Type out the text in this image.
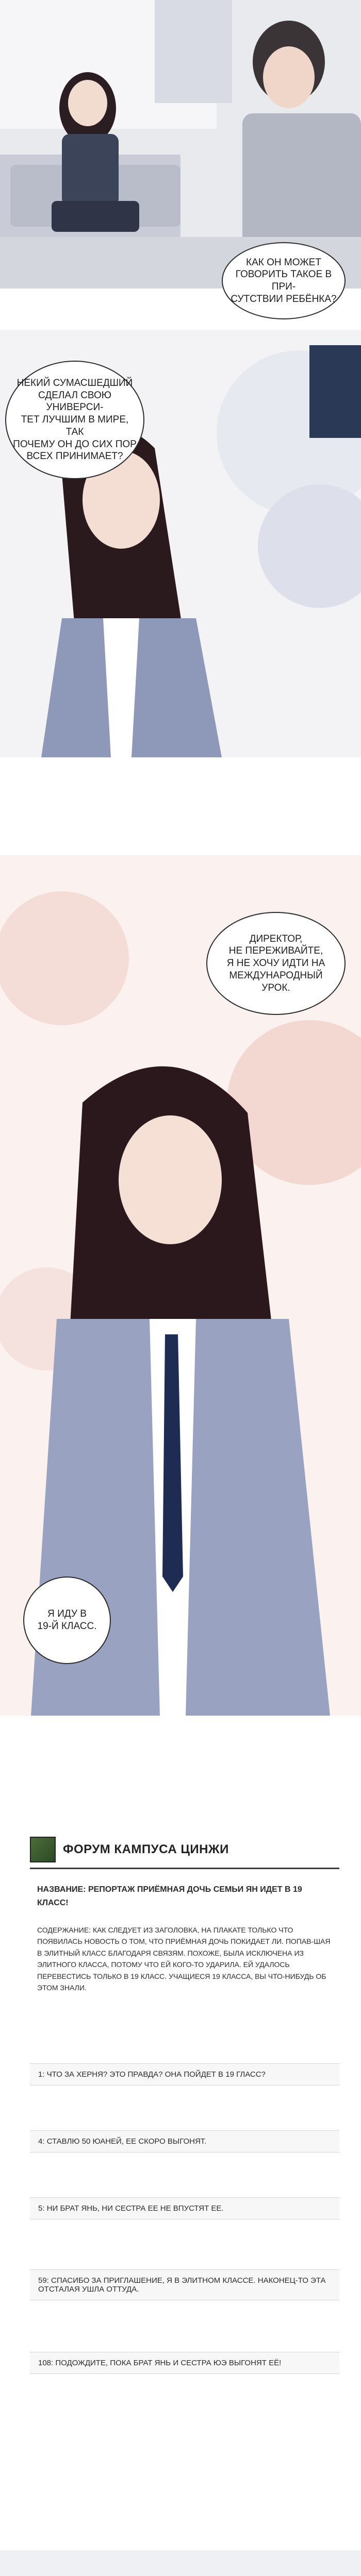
КАК ОН МОЖЕТ
ГОВОРИТЬ ТАКОЕ В ПРИ-
СУТСТВИИ РЕБЁНКА?
НЕКИЙ СУМАСШЕДШИЙ
СДЕЛАЛ СВОЮ УНИВЕРСИ-
ТЕТ ЛУЧШИМ В МИРЕ, ТАК
ПОЧЕМУ ОН ДО СИХ ПОР
ВСЕХ ПРИНИМАЕТ?
ДИРЕКТОР,
НЕ ПЕРЕЖИВАЙТЕ,
Я НЕ ХОЧУ ИДТИ НА
МЕЖДУНАРОДНЫЙ
УРОК.
Я ИДУ В
19-Й КЛАСС.
ФОРУМ КАМПУСА ЦИНЖИ
НАЗВАНИЕ: РЕПОРТАЖ ПРИЁМНАЯ ДОЧЬ СЕМЬИ ЯН ИДЕТ В 19 КЛАСС!
СОДЕРЖАНИЕ: КАК СЛЕДУЕТ ИЗ ЗАГОЛОВКА, НА ПЛАКАТЕ ТОЛЬКО ЧТО ПОЯВИЛАСЬ НОВОСТЬ О ТОМ, ЧТО ПРИЁМНАЯ ДОЧЬ ПОКИДАЕТ ЛИ. ПОПАВ-ШАЯ В ЭЛИТНЫЙ КЛАСС БЛАГОДАРЯ СВЯЗЯМ. ПОХОЖЕ, БЫЛА ИСКЛЮЧЕНА ИЗ ЭЛИТНОГО КЛАССА, ПОТОМУ ЧТО ЕЙ КОГО-ТО УДАРИЛА. ЕЙ УДАЛОСЬ ПЕРЕВЕСТИСЬ ТОЛЬКО В 19 КЛАСС. УЧАЩИЕСЯ 19 КЛАССА, ВЫ ЧТО-НИБУДЬ ОБ ЭТОМ ЗНАЛИ.
1: ЧТО ЗА ХЕРНЯ? ЭТО ПРАВДА? ОНА ПОЙДЕТ В 19 ГЛАСС?
4: СТАВЛЮ 50 ЮАНЕЙ, ЕЕ СКОРО ВЫГОНЯТ.
5: НИ БРАТ ЯНЬ, НИ СЕСТРА ЕЕ НЕ ВПУСТЯТ ЕЕ.
59: СПАСИБО ЗА ПРИГЛАШЕНИЕ, Я В ЭЛИТНОМ КЛАССЕ. НАКОНЕЦ-ТО ЭТА ОТСТАЛАЯ УШЛА ОТТУДА.
108: ПОДОЖДИТЕ, ПОКА БРАТ ЯНЬ И СЕСТРА ЮЭ ВЫГОНЯТ ЕЁ!
